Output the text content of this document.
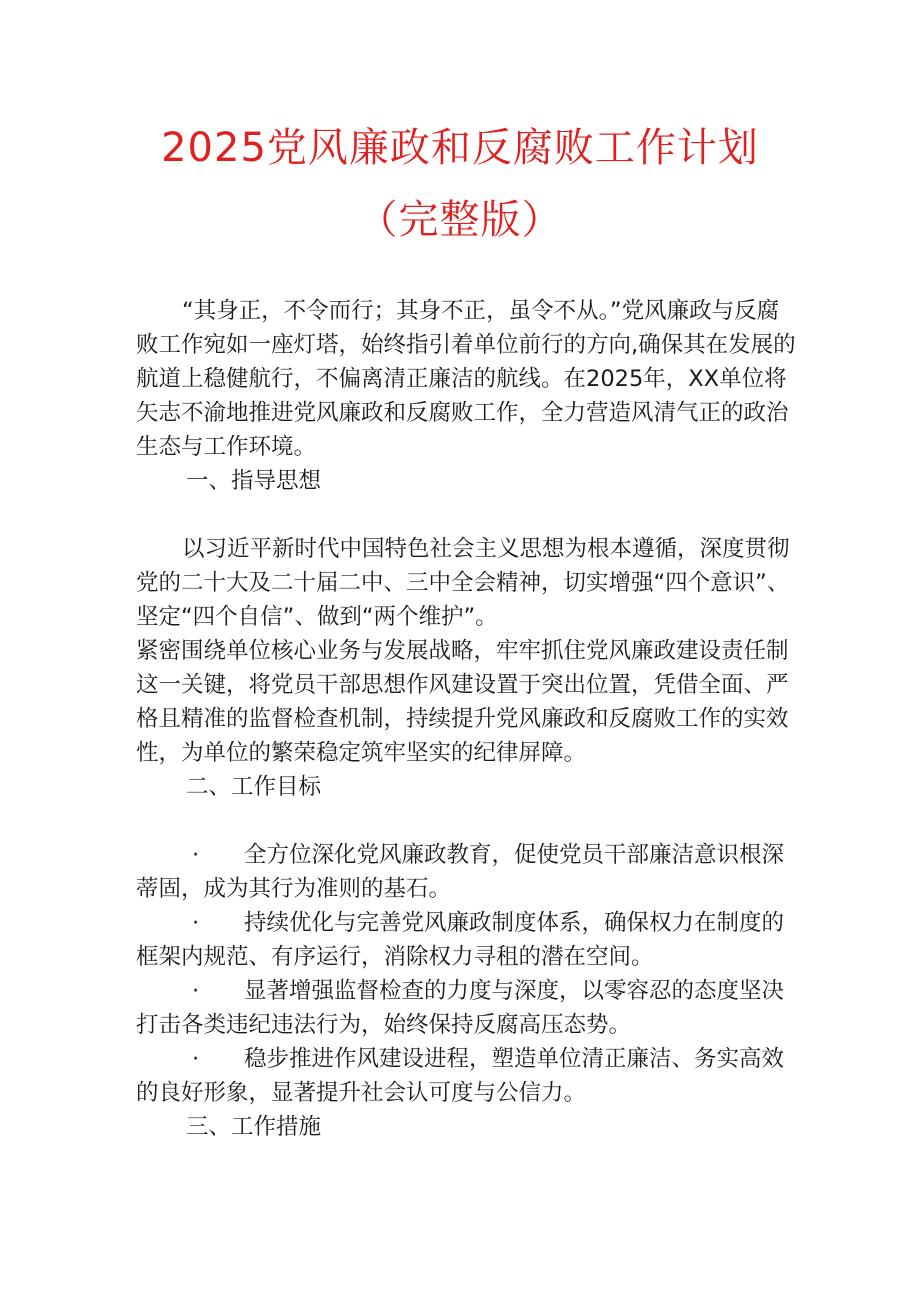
2025党风廉政和反腐败工作计划
（完整版）

“其身正，不令而行；其身不正，虽令不从。”党风廉政与反腐败工作宛如一座灯塔，始终指引着单位前行的方向,确保其在发展的航道上稳健航行，不偏离清正廉洁的航线。在2025年，XX单位将矢志不渝地推进党风廉政和反腐败工作，全力营造风清气正的政治生态与工作环境。

一、指导思想

以习近平新时代中国特色社会主义思想为根本遵循，深度贯彻党的二十大及二十届二中、三中全会精神，切实增强“四个意识”、坚定“四个自信”、做到“两个维护”。

紧密围绕单位核心业务与发展战略，牢牢抓住党风廉政建设责任制这一关键，将党员干部思想作风建设置于突出位置，凭借全面、严格且精准的监督检查机制，持续提升党风廉政和反腐败工作的实效性，为单位的繁荣稳定筑牢坚实的纪律屏障。

二、工作目标

· 全方位深化党风廉政教育，促使党员干部廉洁意识根深蒂固，成为其行为准则的基石。

· 持续优化与完善党风廉政制度体系，确保权力在制度的框架内规范、有序运行，消除权力寻租的潜在空间。

· 显著增强监督检查的力度与深度，以零容忍的态度坚决打击各类违纪违法行为，始终保持反腐高压态势。

· 稳步推进作风建设进程，塑造单位清正廉洁、务实高效的良好形象，显著提升社会认可度与公信力。

三、工作措施
